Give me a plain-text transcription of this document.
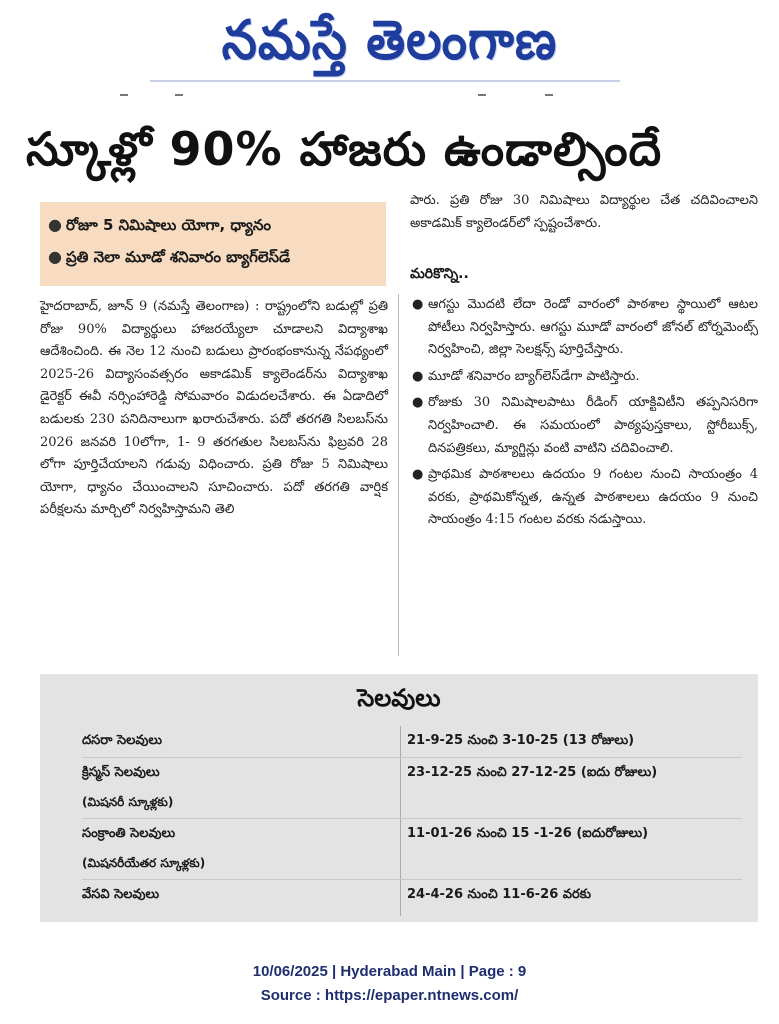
నమస్తే తెలంగాణ
స్కూళ్లో 90% హాజరు ఉండాల్సిందే
● రోజూ 5 నిమిషాలు యోగా, ధ్యానం
● ప్రతి నెలా మూడో శనివారం బ్యాగ్‌లెస్‌డే

హైదరాబాద్, జూన్ 9 (నమస్తే తెలంగాణ) : రాష్ట్రంలోని బడుల్లో ప్రతి రోజు 90% విద్యార్థులు హాజరయ్యేలా చూడాలని విద్యాశాఖ ఆదేశించింది. ఈ నెల 12 నుంచి బడులు ప్రారంభంకానున్న నేపథ్యంలో 2025-26 విద్యాసంవత్సరం అకాడమిక్ క్యాలెండర్‌ను విద్యాశాఖ డైరెక్టర్ ఈవీ నర్సింహారెడ్డి సోమవారం విడుదలచేశారు. ఈ ఏడాదిలో బడులకు 230 పనిదినాలుగా ఖరారుచేశారు. పదో తరగతి సిలబస్‌ను 2026 జనవరి 10లోగా, 1- 9 తరగతుల సిలబస్‌ను ఫిబ్రవరి 28 లోగా పూర్తిచేయాలని గడువు విధించారు. ప్రతి రోజు 5 నిమిషాలు యోగా, ధ్యానం చేయించాలని సూచించారు. పదో తరగతి వార్షిక పరీక్షలను మార్చిలో నిర్వహిస్తామని తెలి

పారు. ప్రతి రోజు 30 నిమిషాలు విద్యార్థుల చేత చదివించాలని అకాడమిక్ క్యాలెండర్‌లో స్పష్టంచేశారు.

మరికొన్ని..
● ఆగస్టు మొదటి లేదా రెండో వారంలో పాఠశాల స్థాయిలో ఆటల పోటీలు నిర్వహిస్తారు. ఆగస్టు మూడో వారంలో జోనల్ టోర్నమెంట్స్ నిర్వహించి, జిల్లా సెలక్షన్స్ పూర్తిచేస్తారు.
● మూడో శనివారం బ్యాగ్‌లెస్‌డేగా పాటిస్తారు.
● రోజుకు 30 నిమిషాలపాటు రీడింగ్ యాక్టివిటీని తప్పనిసరిగా నిర్వహించాలి. ఈ సమయంలో పాఠ్యపుస్తకాలు, స్టోరీబుక్స్, దినపత్రికలు, మ్యాగ్జిన్లు వంటి వాటిని చదివించాలి.
● ప్రాథమిక పాఠశాలలు ఉదయం 9 గంటల నుంచి సాయంత్రం 4 వరకు, ప్రాథమికోన్నత, ఉన్నత పాఠశాలలు ఉదయం 9 నుంచి సాయంత్రం 4:15 గంటల వరకు నడుస్తాయి.
సెలవులు
దసరా సెలవులు	21-9-25 నుంచి 3-10-25 (13 రోజులు)
క్రిస్మస్ సెలవులు
(మిషనరీ స్కూళ్లకు)
23-12-25 నుంచి 27-12-25 (ఐదు రోజులు)
సంక్రాంతి సెలవులు
(మిషనరీయేతర స్కూళ్లకు)
11-01-26 నుంచి 15 -1-26 (ఐదురోజులు)
వేసవి సెలవులు	24-4-26 నుంచి 11-6-26 వరకు
10/06/2025 | Hyderabad Main | Page : 9
Source : https://epaper.ntnews.com/
